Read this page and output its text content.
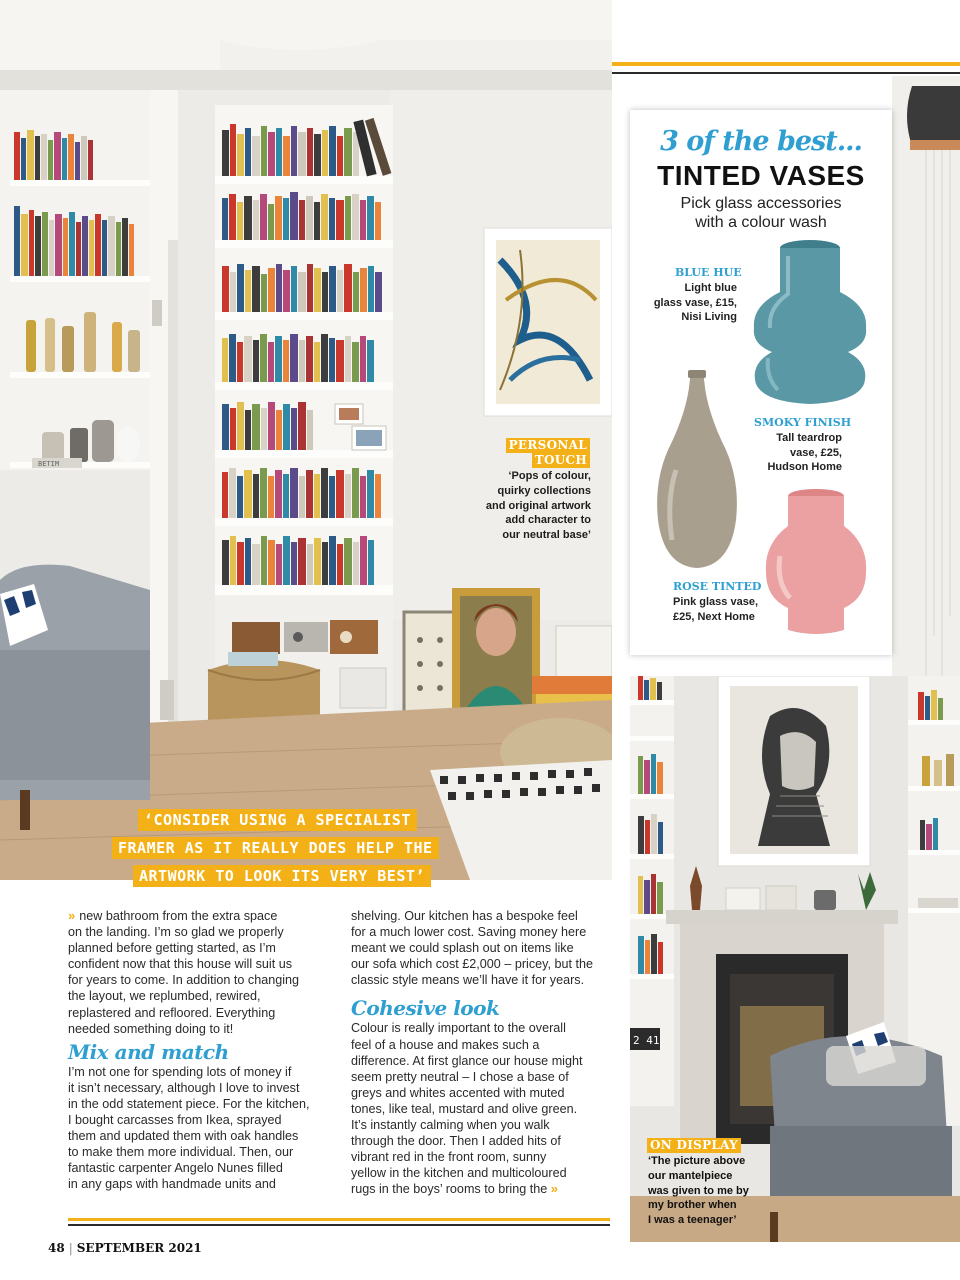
BETIM
3 of the best...
TINTED VASES
Pick glass accessories
with a colour wash
BLUE HUE
Light blue
glass vase, £15,
Nisi Living
SMOKY FINISH
Tall teardrop
vase, £25,
Hudson Home
ROSE TINTED
Pink glass vase,
£25, Next Home
PERSONAL
TOUCH
‘Pops of colour,
quirky collections
and original artwork
add character to
our neutral base’
‘CONSIDER USING A SPECIALIST
FRAMER AS IT REALLY DOES HELP THE
ARTWORK TO LOOK ITS VERY BEST’

» new bathroom from the extra space
on the landing. I’m so glad we properly
planned before getting started, as I’m
confident now that this house will suit us
for years to come. In addition to changing
the layout, we replumbed, rewired,
replastered and refloored. Everything
needed something doing to it!

Mix and match

I’m not one for spending lots of money if
it isn’t necessary, although I love to invest
in the odd statement piece. For the kitchen,
I bought carcasses from Ikea, sprayed
them and updated them with oak handles
to make them more individual. Then, our
fantastic carpenter Angelo Nunes filled
in any gaps with handmade units and

shelving. Our kitchen has a bespoke feel
for a much lower cost. Saving money here
meant we could splash out on items like
our sofa which cost £2,000 – pricey, but the
classic style means we’ll have it for years.

Cohesive look

Colour is really important to the overall
feel of a house and makes such a
difference. At first glance our house might
seem pretty neutral – I chose a base of
greys and whites accented with muted
tones, like teal, mustard and olive green.
It’s instantly calming when you walk
through the door. Then I added hits of
vibrant red in the front room, sunny
yellow in the kitchen and multicoloured
rugs in the boys’ rooms to bring the »

2 41
ON DISPLAY
‘The picture above
our mantelpiece
was given to me by
my brother when
I was a teenager’
48 | SEPTEMBER 2021
